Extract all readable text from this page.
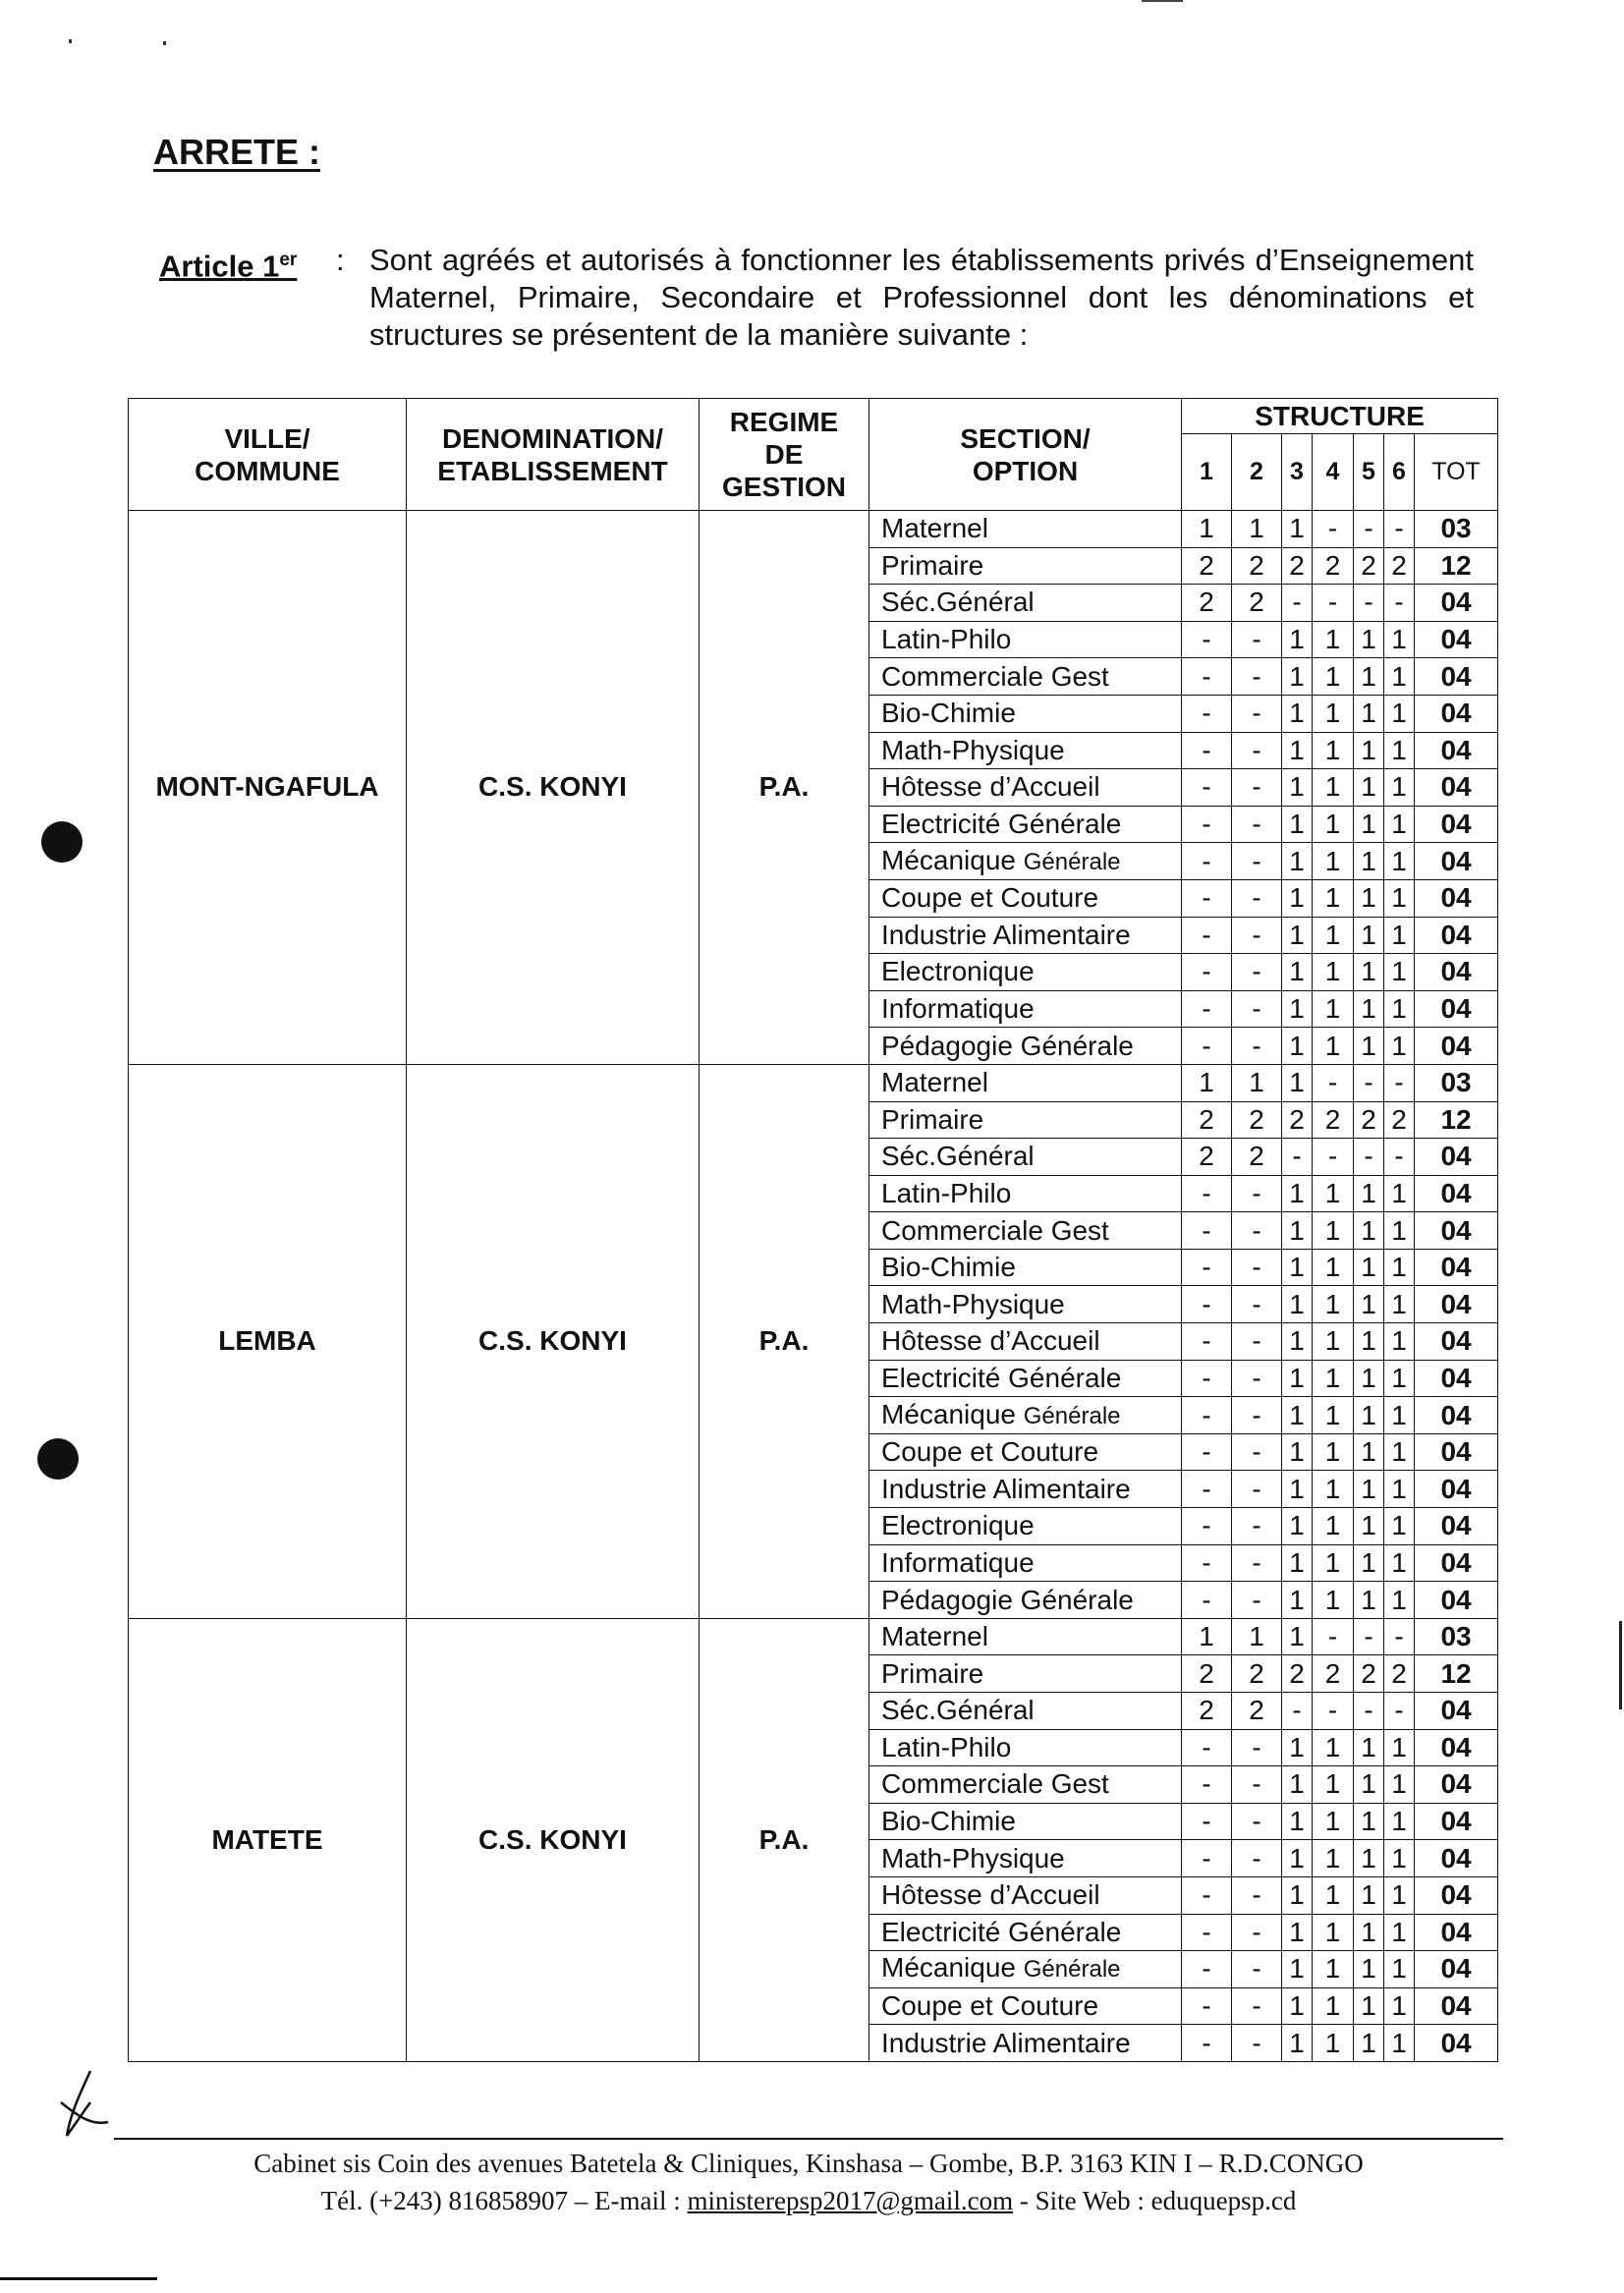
ARRETE :
Article 1er : Sont agréés et autorisés à fonctionner les établissements privés d’Enseignement Maternel, Primaire, Secondaire et Professionnel dont les dénominations et structures se présentent de la manière suivante :
VILLE/ COMMUNE	DENOMINATION/ ETABLISSEMENT	REGIME DE GESTION	SECTION/ OPTION	STRUCTURE						
				1	2	3	4	5	6	TOT
MONT-NGAFULA	C.S. KONYI	P.A.	Maternel	1	1	1	-	-	-	03
			Primaire	2	2	2	2	2	2	12
			Séc.Général	2	2	-	-	-	-	04
			Latin-Philo	-	-	1	1	1	1	04
			Commerciale Gest	-	-	1	1	1	1	04
			Bio-Chimie	-	-	1	1	1	1	04
			Math-Physique	-	-	1	1	1	1	04
			Hôtesse d’Accueil	-	-	1	1	1	1	04
			Electricité Générale	-	-	1	1	1	1	04
			Mécanique Générale	-	-	1	1	1	1	04
			Coupe et Couture	-	-	1	1	1	1	04
			Industrie Alimentaire	-	-	1	1	1	1	04
			Electronique	-	-	1	1	1	1	04
			Informatique	-	-	1	1	1	1	04
			Pédagogie Générale	-	-	1	1	1	1	04
LEMBA	C.S. KONYI	P.A.	Maternel	1	1	1	-	-	-	03
			Primaire	2	2	2	2	2	2	12
			Séc.Général	2	2	-	-	-	-	04
			Latin-Philo	-	-	1	1	1	1	04
			Commerciale Gest	-	-	1	1	1	1	04
			Bio-Chimie	-	-	1	1	1	1	04
			Math-Physique	-	-	1	1	1	1	04
			Hôtesse d’Accueil	-	-	1	1	1	1	04
			Electricité Générale	-	-	1	1	1	1	04
			Mécanique Générale	-	-	1	1	1	1	04
			Coupe et Couture	-	-	1	1	1	1	04
			Industrie Alimentaire	-	-	1	1	1	1	04
			Electronique	-	-	1	1	1	1	04
			Informatique	-	-	1	1	1	1	04
			Pédagogie Générale	-	-	1	1	1	1	04
MATETE	C.S. KONYI	P.A.	Maternel	1	1	1	-	-	-	03
			Primaire	2	2	2	2	2	2	12
			Séc.Général	2	2	-	-	-	-	04
			Latin-Philo	-	-	1	1	1	1	04
			Commerciale Gest	-	-	1	1	1	1	04
			Bio-Chimie	-	-	1	1	1	1	04
			Math-Physique	-	-	1	1	1	1	04
			Hôtesse d’Accueil	-	-	1	1	1	1	04
			Electricité Générale	-	-	1	1	1	1	04
			Mécanique Générale	-	-	1	1	1	1	04
			Coupe et Couture	-	-	1	1	1	1	04
			Industrie Alimentaire	-	-	1	1	1	1	04
Cabinet sis Coin des avenues Batetela & Cliniques, Kinshasa – Gombe, B.P. 3163 KIN I – R.D.CONGO
Tél. (+243) 816858907 – E-mail : ministerepsp2017@gmail.com - Site Web : eduquepsp.cd
